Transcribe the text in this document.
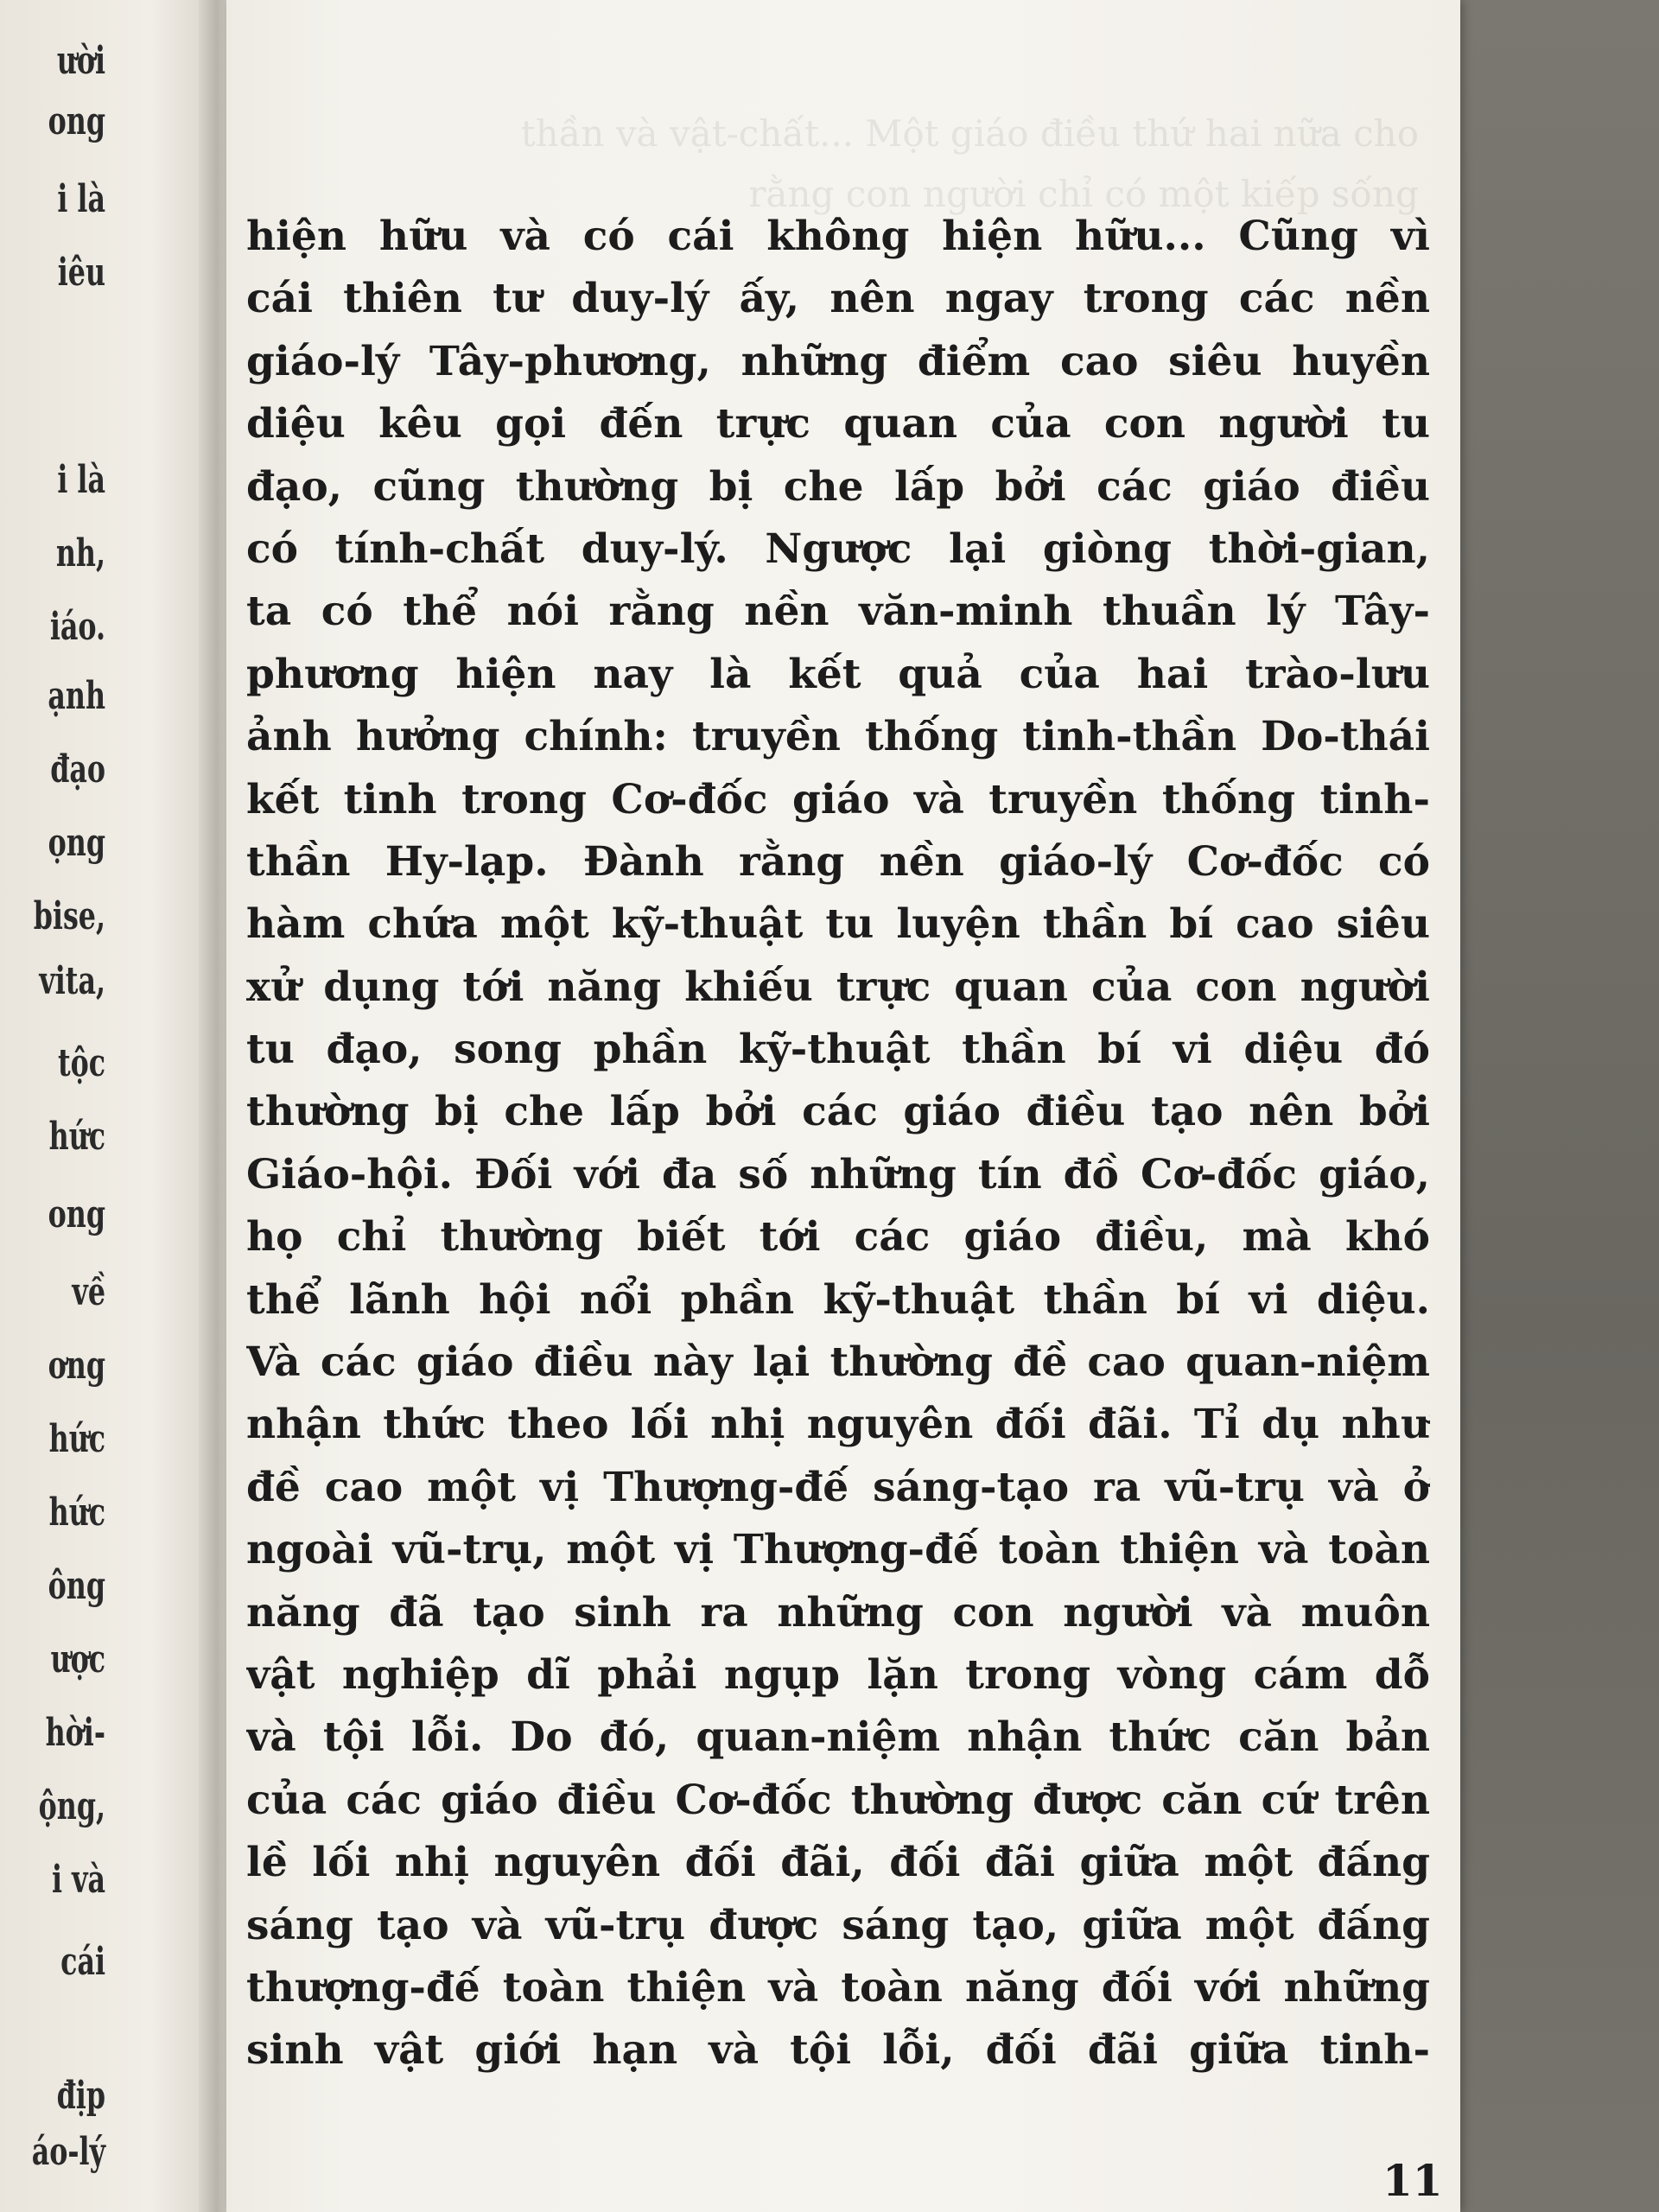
ười
ong
i là
iêu
i là
nh,
iáo.
ạnh
đạo
ọng
bise,
vita,
tộc
hức
ong
về
ơng
hức
hức
ông
ược
hời-
ộng,
i và
cái
địp
áo-lý
thần và vật-chất... Một giáo điều thứ hai nữa cho
rằng con người chỉ có một kiếp sống
hiện hữu và có cái không hiện hữu... Cũng vì
cái thiên tư duy-lý ấy, nên ngay trong các nền
giáo-lý Tây-phương, những điểm cao siêu huyền
diệu kêu gọi đến trực quan của con người tu
đạo, cũng thường bị che lấp bởi các giáo điều
có tính-chất duy-lý. Ngược lại giòng thời-gian,
ta có thể nói rằng nền văn-minh thuần lý Tây-
phương hiện nay là kết quả của hai trào-lưu
ảnh hưởng chính: truyền thống tinh-thần Do-thái
kết tinh trong Cơ-đốc giáo và truyền thống tinh-
thần Hy-lạp. Đành rằng nền giáo-lý Cơ-đốc có
hàm chứa một kỹ-thuật tu luyện thần bí cao siêu
xử dụng tới năng khiếu trực quan của con người
tu đạo, song phần kỹ-thuật thần bí vi diệu đó
thường bị che lấp bởi các giáo điều tạo nên bởi
Giáo-hội. Đối với đa số những tín đồ Cơ-đốc giáo,
họ chỉ thường biết tới các giáo điều, mà khó
thể lãnh hội nổi phần kỹ-thuật thần bí vi diệu.
Và các giáo điều này lại thường đề cao quan-niệm
nhận thức theo lối nhị nguyên đối đãi. Tỉ dụ như
đề cao một vị Thượng-đế sáng-tạo ra vũ-trụ và ở
ngoài vũ-trụ, một vị Thượng-đế toàn thiện và toàn
năng đã tạo sinh ra những con người và muôn
vật nghiệp dĩ phải ngụp lặn trong vòng cám dỗ
và tội lỗi. Do đó, quan-niệm nhận thức căn bản
của các giáo điều Cơ-đốc thường được căn cứ trên
lề lối nhị nguyên đối đãi, đối đãi giữa một đấng
sáng tạo và vũ-trụ được sáng tạo, giữa một đấng
thượng-đế toàn thiện và toàn năng đối với những
sinh vật giới hạn và tội lỗi, đối đãi giữa tinh-
11
